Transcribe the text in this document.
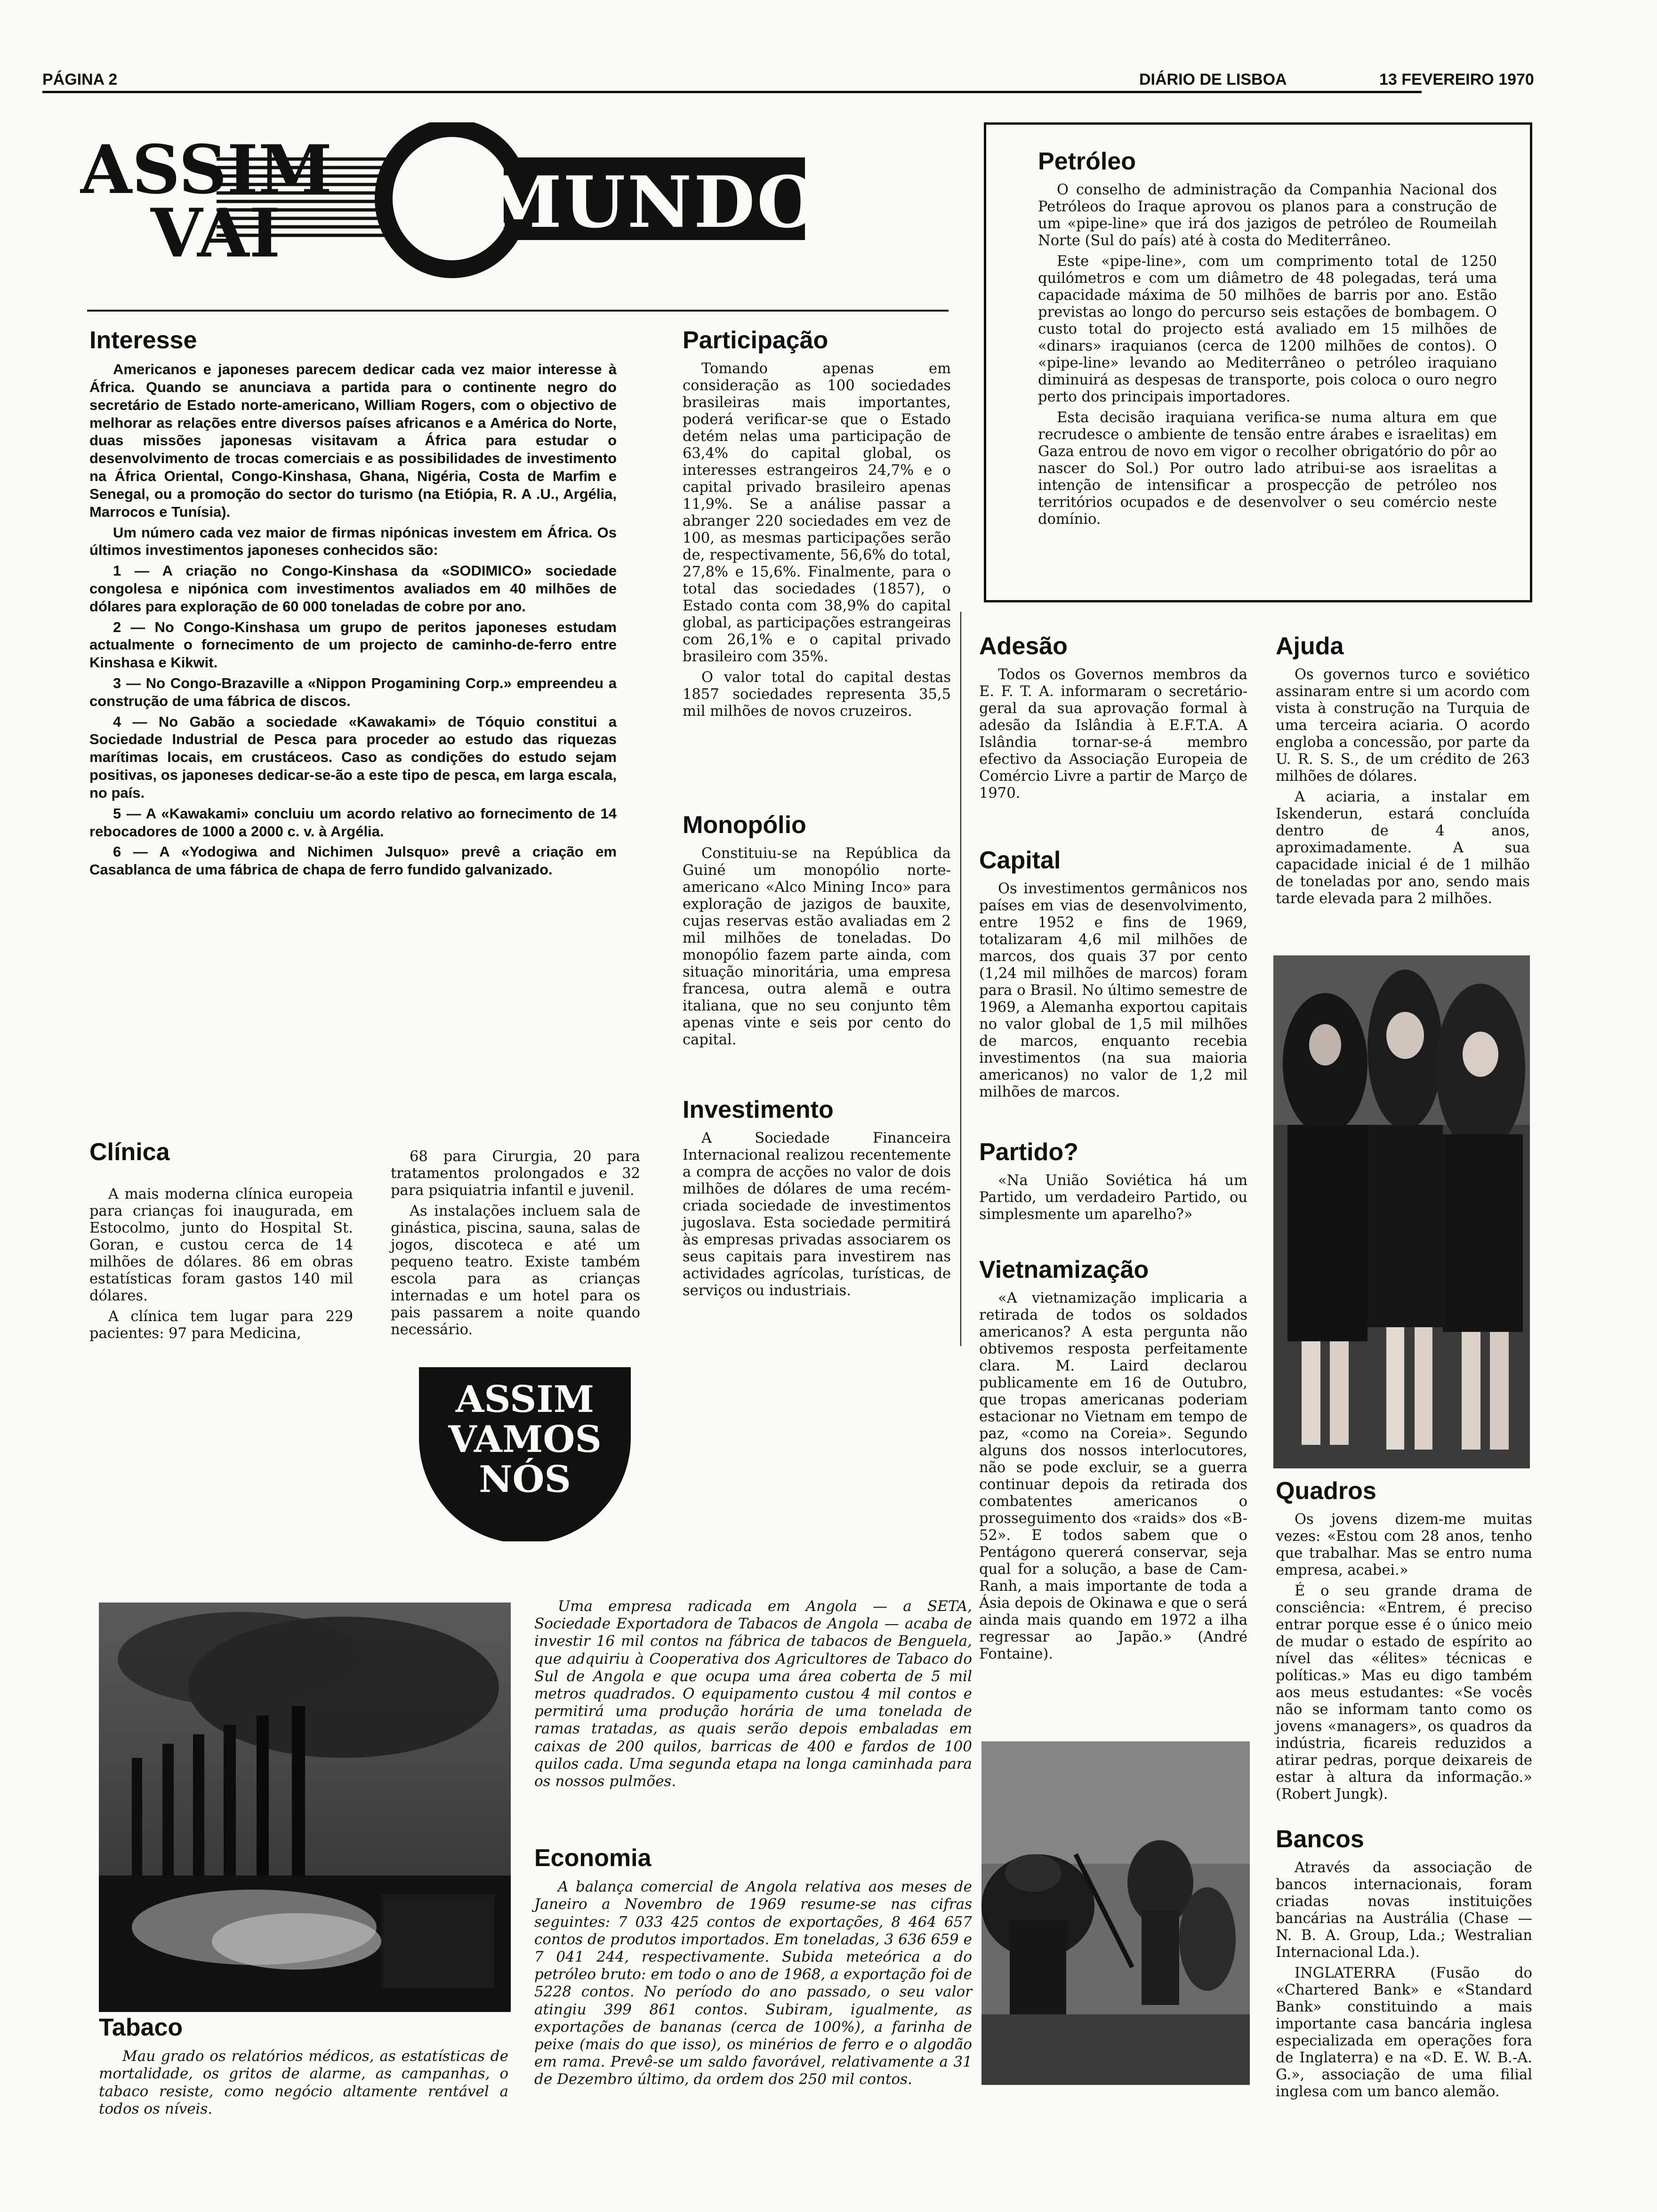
PÁGINA 2	DIÁRIO DE LISBOA	13 FEVEREIRO 1970
MUNDO
ASSIM
VAI
Interesse

Americanos e japoneses parecem dedicar cada vez maior interesse à África. Quando se anunciava a partida para o continente negro do secretário de Estado norte-americano, William Rogers, com o objectivo de melhorar as relações entre diversos países africanos e a América do Norte, duas missões japonesas visitavam a África para estudar o desenvolvimento de trocas comerciais e as possibilidades de investimento na África Oriental, Congo-Kinshasa, Ghana, Nigéria, Costa de Marfim e Senegal, ou a promoção do sector do turismo (na Etiópia, R. A .U., Argélia, Marrocos e Tunísia).

Um número cada vez maior de firmas nipónicas investem em África. Os últimos investimentos japoneses conhecidos são:

1 — A criação no Congo-Kinshasa da «SODIMICO» sociedade congolesa e nipónica com investimentos avaliados em 40 milhões de dólares para exploração de 60 000 toneladas de cobre por ano.

2 — No Congo-Kinshasa um grupo de peritos japoneses estudam actualmente o fornecimento de um projecto de caminho-de-ferro entre Kinshasa e Kikwit.

3 — No Congo-Brazaville a «Nippon Progamining Corp.» empreendeu a construção de uma fábrica de discos.

4 — No Gabão a sociedade «Kawakami» de Tóquio constitui a Sociedade Industrial de Pesca para proceder ao estudo das riquezas marítimas locais, em crustáceos. Caso as condições do estudo sejam positivas, os japoneses dedicar-se-ão a este tipo de pesca, em larga escala, no país.

5 — A «Kawakami» concluiu um acordo relativo ao fornecimento de 14 rebocadores de 1000 a 2000 c. v. à Argélia.

6 — A «Yodogiwa and Nichimen Julsquo» prevê a criação em Casablanca de uma fábrica de chapa de ferro fundido galvanizado.

Participação

Tomando apenas em consideração as 100 sociedades brasileiras mais importantes, poderá verificar-se que o Estado detém nelas uma participação de 63,4% do capital global, os interesses estrangeiros 24,7% e o capital privado brasileiro apenas 11,9%. Se a análise passar a abranger 220 sociedades em vez de 100, as mesmas participações serão de, respectivamente, 56,6% do total, 27,8% e 15,6%. Finalmente, para o total das sociedades (1857), o Estado conta com 38,9% do capital global, as participações estrangeiras com 26,1% e o capital privado brasileiro com 35%.

O valor total do capital destas 1857 sociedades representa 35,5 mil milhões de novos cruzeiros.

Monopólio

Constituiu-se na República da Guiné um monopólio norte-americano «Alco Mining Inco» para exploração de jazigos de bauxite, cujas reservas estão avaliadas em 2 mil milhões de toneladas. Do monopólio fazem parte ainda, com situação minoritária, uma empresa francesa, outra alemã e outra italiana, que no seu conjunto têm apenas vinte e seis por cento do capital.

Investimento

A Sociedade Financeira Internacional realizou recentemente a compra de acções no valor de dois milhões de dólares de uma recém-criada sociedade de investimentos jugoslava. Esta sociedade permitirá às empresas privadas associarem os seus capitais para investirem nas actividades agrícolas, turísticas, de serviços ou industriais.

Clínica

A mais moderna clínica europeia para crianças foi inaugurada, em Estocolmo, junto do Hospital St. Goran, e custou cerca de 14 milhões de dólares. 86 em obras estatísticas foram gastos 140 mil dólares.

A clínica tem lugar para 229 pacientes: 97 para Medicina,

68 para Cirurgia, 20 para tratamentos prolongados e 32 para psiquiatria infantil e juvenil.

As instalações incluem sala de ginástica, piscina, sauna, salas de jogos, discoteca e até um pequeno teatro. Existe também escola para as crianças internadas e um hotel para os pais passarem a noite quando necessário.

Petróleo

O conselho de administração da Companhia Nacional dos Petróleos do Iraque aprovou os planos para a construção de um «pipe-line» que irá dos jazigos de petróleo de Roumeilah Norte (Sul do país) até à costa do Mediterrâneo.

Este «pipe-line», com um comprimento total de 1250 quilómetros e com um diâmetro de 48 polegadas, terá uma capacidade máxima de 50 milhões de barris por ano. Estão previstas ao longo do percurso seis estações de bombagem. O custo total do projecto está avaliado em 15 milhões de «dinars» iraquianos (cerca de 1200 milhões de contos). O «pipe-line» levando ao Mediterrâneo o petróleo iraquiano diminuirá as despesas de transporte, pois coloca o ouro negro perto dos principais importadores.

Esta decisão iraquiana verifica-se numa altura em que recrudesce o ambiente de tensão entre árabes e israelitas) em Gaza entrou de novo em vigor o recolher obrigatório do pôr ao nascer do Sol.) Por outro lado atribui-se aos israelitas a intenção de intensificar a prospecção de petróleo nos territórios ocupados e de desenvolver o seu comércio neste domínio.

Adesão

Todos os Governos membros da E. F. T. A. informaram o secretário-geral da sua aprovação formal à adesão da Islândia à E.F.T.A. A Islândia tornar-se-á membro efectivo da Associação Europeia de Comércio Livre a partir de Março de 1970.

Capital

Os investimentos germânicos nos países em vias de desenvolvimento, entre 1952 e fins de 1969, totalizaram 4,6 mil milhões de marcos, dos quais 37 por cento (1,24 mil milhões de marcos) foram para o Brasil. No último semestre de 1969, a Alemanha exportou capitais no valor global de 1,5 mil milhões de marcos, enquanto recebia investimentos (na sua maioria americanos) no valor de 1,2 mil milhões de marcos.

Partido?

«Na União Soviética há um Partido, um verdadeiro Partido, ou simplesmente um aparelho?»

Vietnamização

«A vietnamização implicaria a retirada de todos os soldados americanos? A esta pergunta não obtivemos resposta perfeitamente clara. M. Laird declarou publicamente em 16 de Outubro, que tropas americanas poderiam estacionar no Vietnam em tempo de paz, «como na Coreia». Segundo alguns dos nossos interlocutores, não se pode excluir, se a guerra continuar depois da retirada dos combatentes americanos o prosseguimento dos «raids» dos «B-52». E todos sabem que o Pentágono quererá conservar, seja qual for a solução, a base de Cam-Ranh, a mais importante de toda a Ásia depois de Okinawa e que o será ainda mais quando em 1972 a ilha regressar ao Japão.» (André Fontaine).

Ajuda

Os governos turco e soviético assinaram entre si um acordo com vista à construção na Turquia de uma terceira aciaria. O acordo engloba a concessão, por parte da U. R. S. S., de um crédito de 263 milhões de dólares.

A aciaria, a instalar em Iskenderun, estará concluída dentro de 4 anos, aproximadamente. A sua capacidade inicial é de 1 milhão de toneladas por ano, sendo mais tarde elevada para 2 milhões.

Quadros

Os jovens dizem-me muitas vezes: «Estou com 28 anos, tenho que trabalhar. Mas se entro numa empresa, acabei.»

É o seu grande drama de consciência: «Entrem, é preciso entrar porque esse é o único meio de mudar o estado de espírito ao nível das «élites» técnicas e políticas.» Mas eu digo também aos meus estudantes: «Se vocês não se informam tanto como os jovens «managers», os quadros da indústria, ficareis reduzidos a atirar pedras, porque deixareis de estar à altura da informação.» (Robert Jungk).

Bancos

Através da associação de bancos internacionais, foram criadas novas instituições bancárias na Austrália (Chase — N. B. A. Group, Lda.; Westralian Internacional Lda.).

INGLATERRA (Fusão do «Chartered Bank» e «Standard Bank» constituindo a mais importante casa bancária inglesa especializada em operações fora de Inglaterra) e na «D. E. W. B.-A. G.», associação de uma filial inglesa com um banco alemão.

ASSIM
VAMOS
NÓS

Uma empresa radicada em Angola — a SETA, Sociedade Exportadora de Tabacos de Angola — acaba de investir 16 mil contos na fábrica de tabacos de Benguela, que adquiriu à Cooperativa dos Agricultores de Tabaco do Sul de Angola e que ocupa uma área coberta de 5 mil metros quadrados. O equipamento custou 4 mil contos e permitirá uma produção horária de uma tonelada de ramas tratadas, as quais serão depois embaladas em caixas de 200 quilos, barricas de 400 e fardos de 100 quilos cada. Uma segunda etapa na longa caminhada para os nossos pulmões.

Economia

A balança comercial de Angola relativa aos meses de Janeiro a Novembro de 1969 resume-se nas cifras seguintes: 7 033 425 contos de exportações, 8 464 657 contos de produtos importados. Em toneladas, 3 636 659 e 7 041 244, respectivamente. Subida meteórica a do petróleo bruto: em todo o ano de 1968, a exportação foi de 5228 contos. No período do ano passado, o seu valor atingiu 399 861 contos. Subiram, igualmente, as exportações de bananas (cerca de 100%), a farinha de peixe (mais do que isso), os minérios de ferro e o algodão em rama. Prevê-se um saldo favorável, relativamente a 31 de Dezembro último, da ordem dos 250 mil contos.

Tabaco

Mau grado os relatórios médicos, as estatísticas de mortalidade, os gritos de alarme, as campanhas, o tabaco resiste, como negócio altamente rentável a todos os níveis.
